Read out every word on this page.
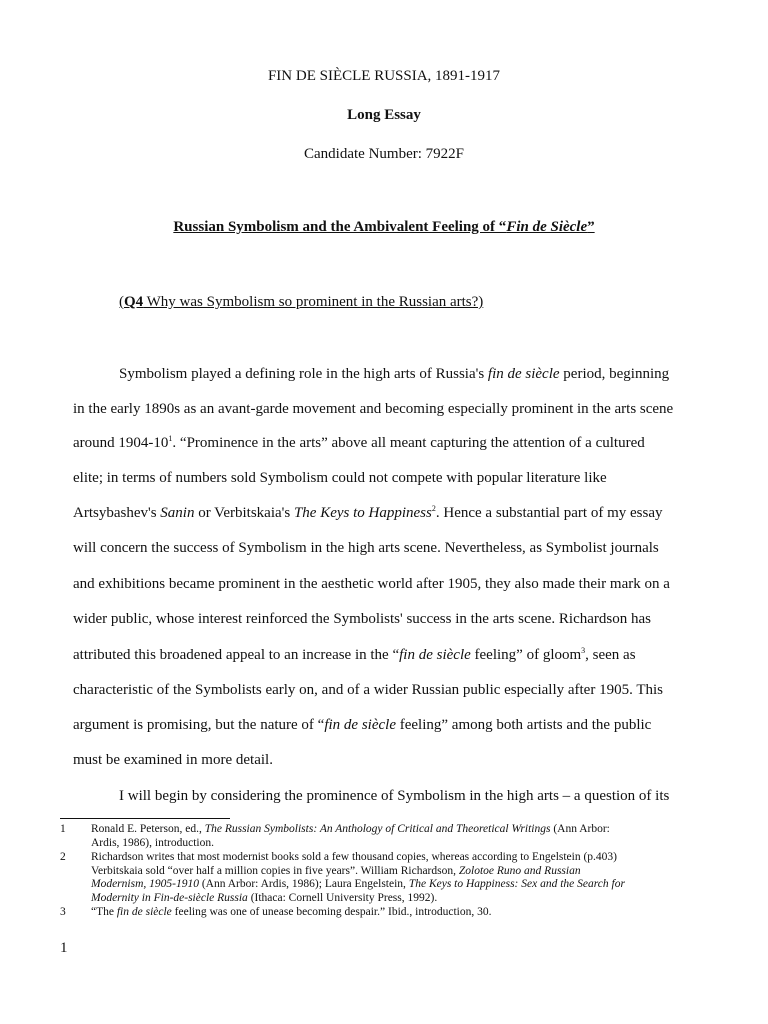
FIN DE SIÈCLE RUSSIA, 1891-1917
Long Essay
Candidate Number: 7922F
Russian Symbolism and the Ambivalent Feeling of “Fin de Siècle”
(Q4 Why was Symbolism so prominent in the Russian arts?)
Symbolism played a defining role in the high arts of Russia's fin de siècle period, beginning
in the early 1890s as an avant-garde movement and becoming especially prominent in the arts scene
around $1904-10^1$. “Prominence in the arts” above all meant capturing the attention of a cultured
elite; in terms of numbers sold Symbolism could not compete with popular literature like
Artsybashev's Sanin or Verbitskaia's The Keys to Happiness$^2$. Hence a substantial part of my essay
will concern the success of Symbolism in the high arts scene. Nevertheless, as Symbolist journals
and exhibitions became prominent in the aesthetic world after 1905, they also made their mark on a
wider public, whose interest reinforced the Symbolists' success in the arts scene. Richardson has
attributed this broadened appeal to an increase in the “fin de siècle feeling” of gloom$^3$, seen as
characteristic of the Symbolists early on, and of a wider Russian public especially after 1905. This
argument is promising, but the nature of “fin de siècle feeling” among both artists and the public
must be examined in more detail.
I will begin by considering the prominence of Symbolism in the high arts – a question of its
1 Ronald E. Peterson, ed., The Russian Symbolists: An Anthology of Critical and Theoretical Writings (Ann Arbor:
Ardis, 1986), introduction.
2 Richardson writes that most modernist books sold a few thousand copies, whereas according to Engelstein (p.403)
Verbitskaia sold “over half a million copies in five years”. William Richardson, Zolotoe Runo and Russian
Modernism, 1905-1910 (Ann Arbor: Ardis, 1986); Laura Engelstein, The Keys to Happiness: Sex and the Search for
Modernity in Fin-de-siècle Russia (Ithaca: Cornell University Press, 1992).
3 “The fin de siècle feeling was one of unease becoming despair.” Ibid., introduction, 30.
1
